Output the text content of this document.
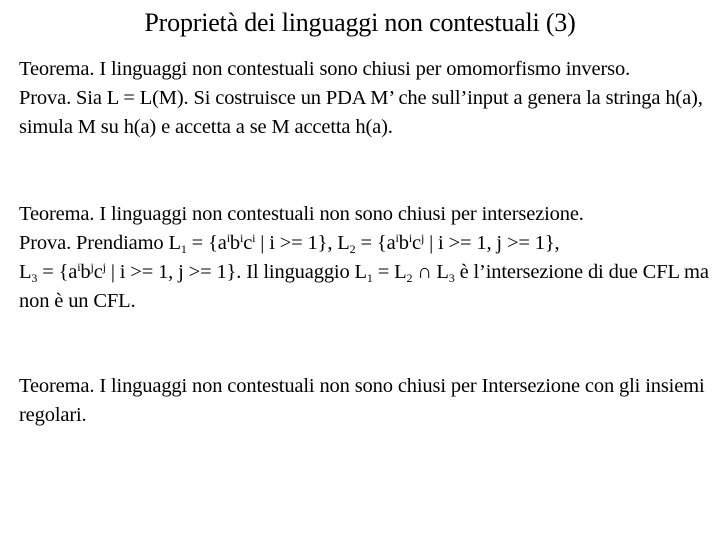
Proprietà dei linguaggi non contestuali (3)
Teorema. I linguaggi non contestuali sono chiusi per omomorfismo inverso.
Prova. Sia L = L(M). Si costruisce un PDA M’ che sull’input a genera la stringa h(a), simula M su h(a) e accetta a se M accetta h(a).
Teorema. I linguaggi non contestuali non sono chiusi per intersezione.
Prova. Prendiamo $L_1 = \{a^ib^ic^i$ | i >= 1}, $L_2 = \{a^ib^ic^j$ | i >= 1, j >= 1},
$L_3 = \{a^ib^jc^j$ | i >= 1, j >= 1}. Il linguaggio $L_1 = L_2$ ∩ $L_3$ è l’intersezione di due CFL ma non è un CFL.
Teorema. I linguaggi non contestuali non sono chiusi per Intersezione con gli insiemi regolari.
